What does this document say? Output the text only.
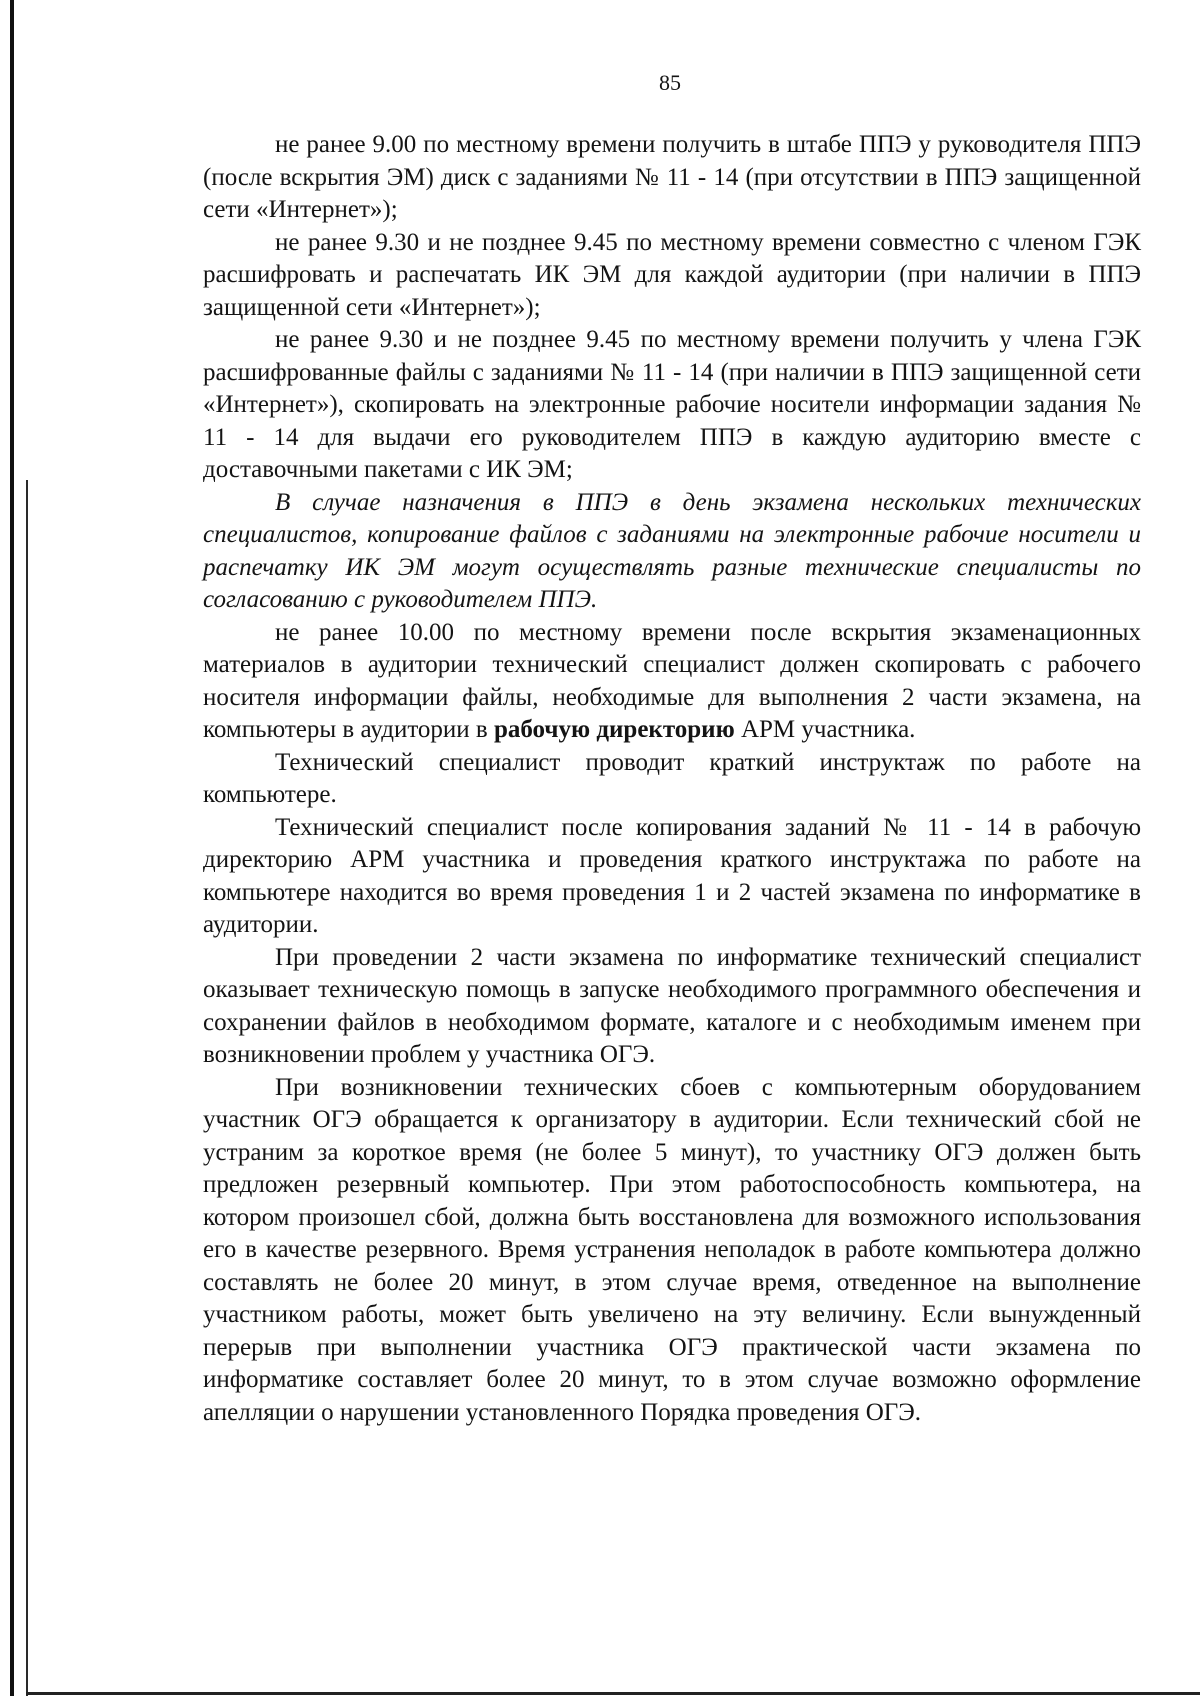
85

не ранее 9.00 по местному времени получить в штабе ППЭ у руководителя ППЭ (после вскрытия ЭМ) диск с заданиями № 11 - 14 (при отсутствии в ППЭ защищенной сети «Интернет»);

не ранее 9.30 и не позднее 9.45 по местному времени совместно с членом ГЭК расшифровать и распечатать ИК ЭМ для каждой аудитории (при наличии в ППЭ защищенной сети «Интернет»);

не ранее 9.30 и не позднее 9.45 по местному времени получить у члена ГЭК расшифрованные файлы с заданиями № 11 - 14 (при наличии в ППЭ защищенной сети «Интернет»), скопировать на электронные рабочие носители информации задания № 11 - 14 для выдачи его руководителем ППЭ в каждую аудиторию вместе с доставочными пакетами с ИК ЭМ;

В случае назначения в ППЭ в день экзамена нескольких технических специалистов, копирование файлов с заданиями на электронные рабочие носители и распечатку ИК ЭМ могут осуществлять разные технические специалисты по согласованию с руководителем ППЭ.

не ранее 10.00 по местному времени после вскрытия экзаменационных материалов в аудитории технический специалист должен скопировать с рабочего носителя информации файлы, необходимые для выполнения 2 части экзамена, на компьютеры в аудитории в рабочую директорию АРМ участника.

Технический специалист проводит краткий инструктаж по работе на компьютере.

Технический специалист после копирования заданий № 11 - 14 в рабочую директорию АРМ участника и проведения краткого инструктажа по работе на компьютере находится во время проведения 1 и 2 частей экзамена по информатике в аудитории.

При проведении 2 части экзамена по информатике технический специалист оказывает техническую помощь в запуске необходимого программного обеспечения и сохранении файлов в необходимом формате, каталоге и с необходимым именем при возникновении проблем у участника ОГЭ.

При возникновении технических сбоев с компьютерным оборудованием участник ОГЭ обращается к организатору в аудитории. Если технический сбой не устраним за короткое время (не более 5 минут), то участнику ОГЭ должен быть предложен резервный компьютер. При этом работоспособность компьютера, на котором произошел сбой, должна быть восстановлена для возможного использования его в качестве резервного. Время устранения неполадок в работе компьютера должно составлять не более 20 минут, в этом случае время, отведенное на выполнение участником работы, может быть увеличено на эту величину. Если вынужденный перерыв при выполнении участника ОГЭ практической части экзамена по информатике составляет более 20 минут, то в этом случае возможно оформление апелляции о нарушении установленного Порядка проведения ОГЭ.
